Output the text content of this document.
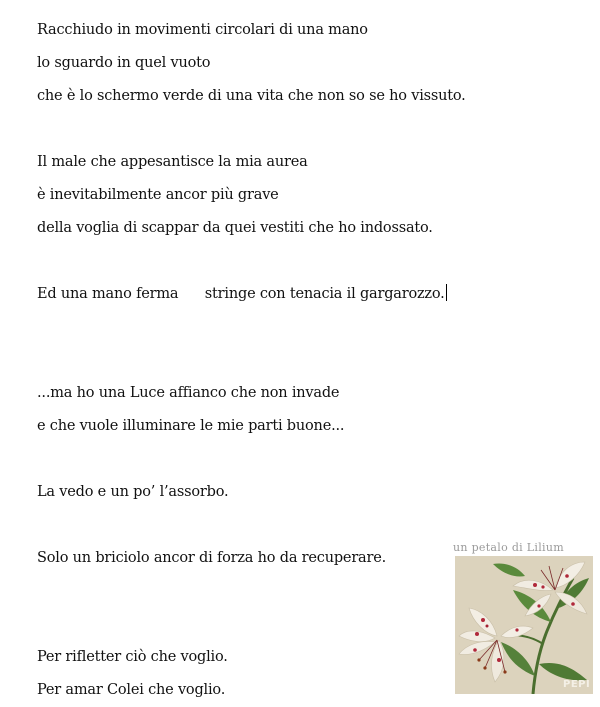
Racchiudo in movimenti circolari di una mano
lo sguardo in quel vuoto
che è lo schermo verde di una vita che non so se ho vissuto.
Il male che appesantisce la mia aurea
è inevitabilmente ancor più grave
della voglia di scappar da quei vestiti che ho indossato.
Ed una mano ferma      stringe con tenacia il gargarozzo.
...ma ho una Luce affianco che non invade
e che vuole illuminare le mie parti buone...
La vedo e un po’ l’assorbo.
Solo un briciolo ancor di forza ho da recuperare.
Per rifletter ciò che voglio.
Per amar Colei che voglio.
un petalo di Lilium
PEPI
